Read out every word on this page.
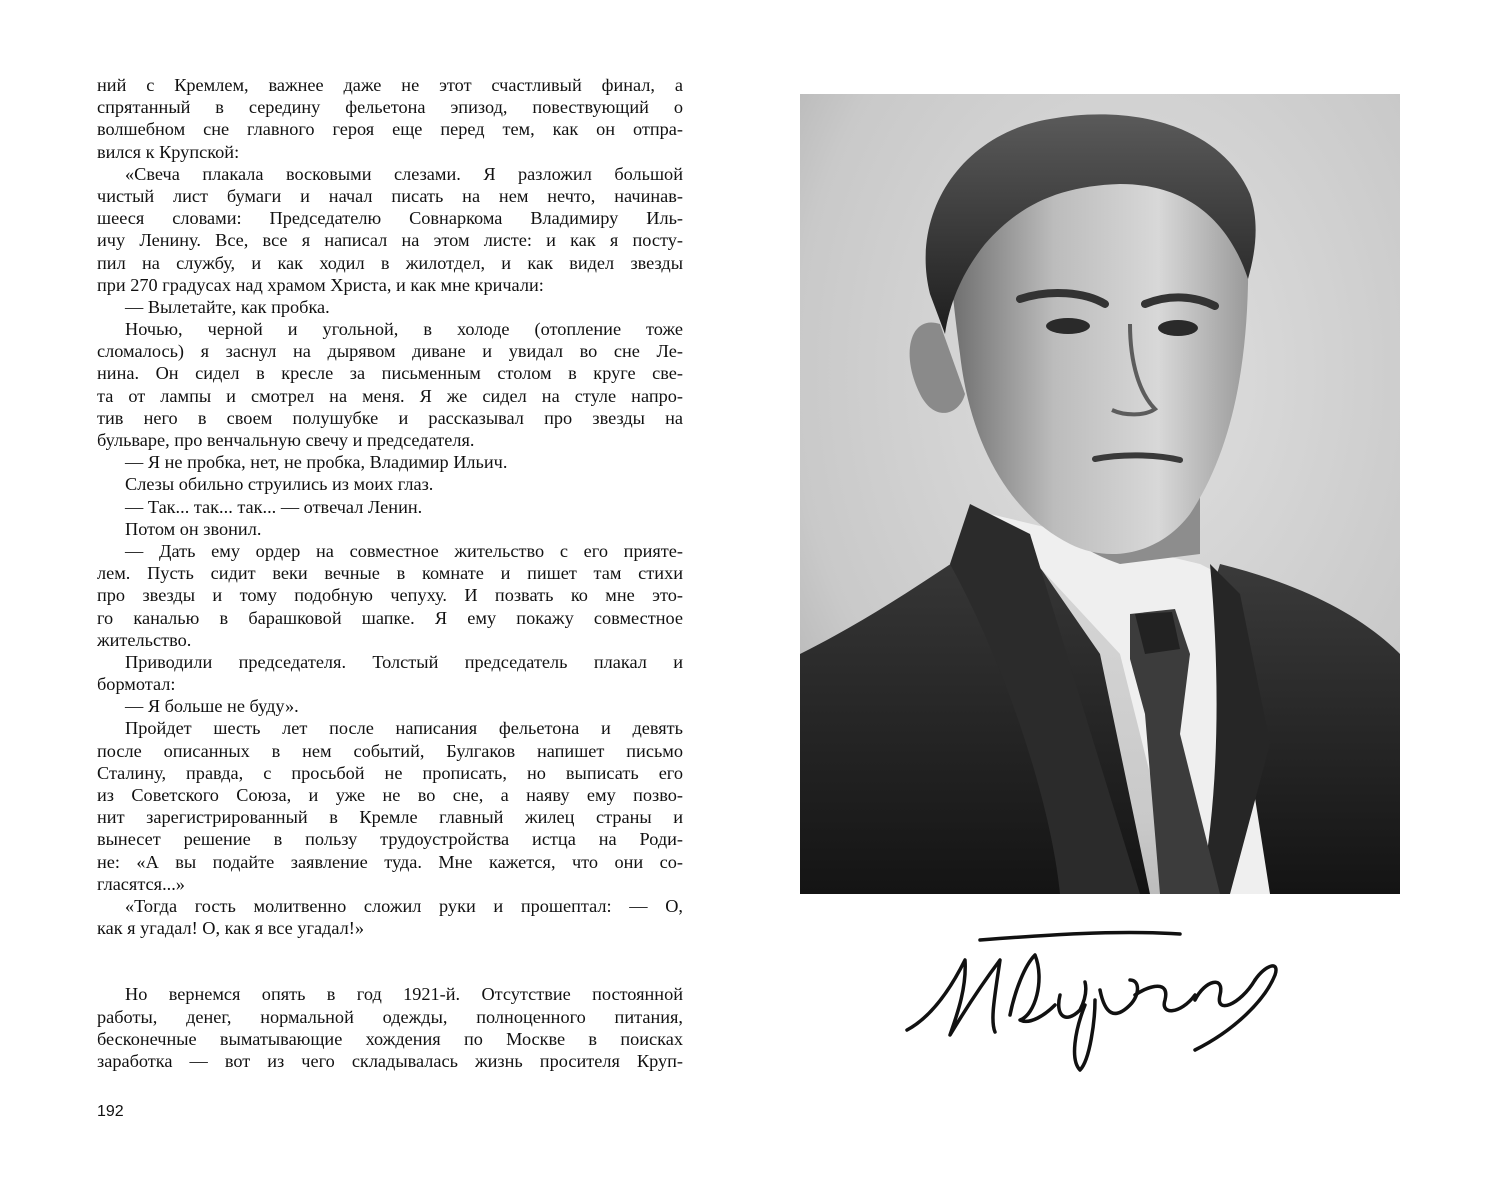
ний с Кремлем, важнее даже не этот счастливый финал, а
спрятанный в середину фельетона эпизод, повествующий о
волшебном сне главного героя еще перед тем, как он отпра-
вился к Крупской:
«Свеча плакала восковыми слезами. Я разложил большой
чистый лист бумаги и начал писать на нем нечто, начинав-
шееся словами: Председателю Совнаркома Владимиру Иль-
ичу Ленину. Все, все я написал на этом листе: и как я посту-
пил на службу, и как ходил в жилотдел, и как видел звезды
при 270 градусах над храмом Христа, и как мне кричали:
— Вылетайте, как пробка.
Ночью, черной и угольной, в холоде (отопление тоже
сломалось) я заснул на дырявом диване и увидал во сне Ле-
нина. Он сидел в кресле за письменным столом в круге све-
та от лампы и смотрел на меня. Я же сидел на стуле напро-
тив него в своем полушубке и рассказывал про звезды на
бульваре, про венчальную свечу и председателя.
— Я не пробка, нет, не пробка, Владимир Ильич.
Слезы обильно струились из моих глаз.
— Так... так... так... — отвечал Ленин.
Потом он звонил.
— Дать ему ордер на совместное жительство с его прияте-
лем. Пусть сидит веки вечные в комнате и пишет там стихи
про звезды и тому подобную чепуху. И позвать ко мне это-
го каналью в барашковой шапке. Я ему покажу совместное
жительство.
Приводили председателя. Толстый председатель плакал и
бормотал:
— Я больше не буду».
Пройдет шесть лет после написания фельетона и девять
после описанных в нем событий, Булгаков напишет письмо
Сталину, правда, с просьбой не прописать, но выписать его
из Советского Союза, и уже не во сне, а наяву ему позво-
нит зарегистрированный в Кремле главный жилец страны и
вынесет решение в пользу трудоустройства истца на Роди-
не: «А вы подайте заявление туда. Мне кажется, что они со-
гласятся...»
«Тогда гость молитвенно сложил руки и прошептал: — О,
как я угадал! О, как я все угадал!»
Но вернемся опять в год 1921-й. Отсутствие постоянной
работы, денег, нормальной одежды, полноценного питания,
бесконечные выматывающие хождения по Москве в поисках
заработка — вот из чего складывалась жизнь просителя Круп-
192
